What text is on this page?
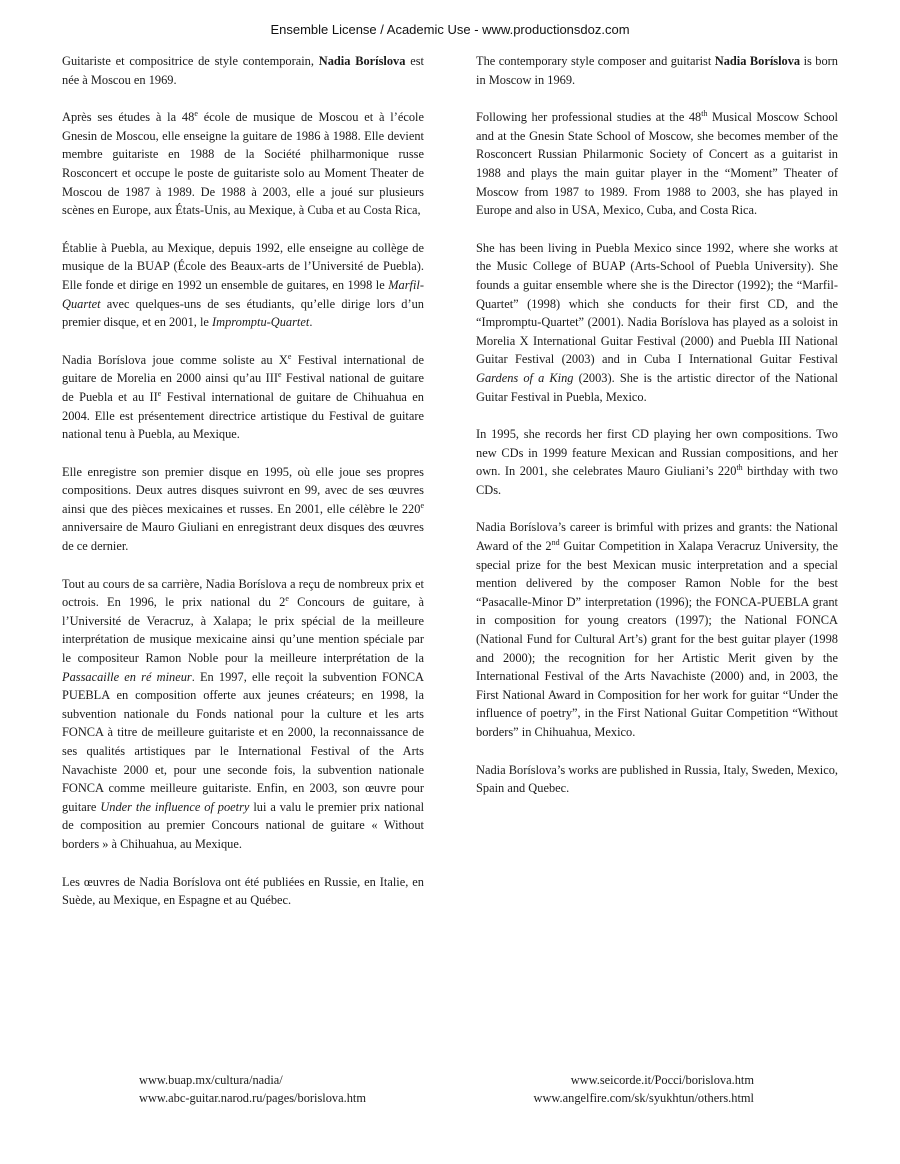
Ensemble License / Academic Use - www.productionsdoz.com

Guitariste et compositrice de style contemporain, Nadia Boríslova est née à Moscou en 1969.

Après ses études à la 48e école de musique de Moscou et à l’école Gnesin de Moscou, elle enseigne la guitare de 1986 à 1988. Elle devient membre guitariste en 1988 de la Société philharmonique russe Rosconcert et occupe le poste de guitariste solo au Moment Theater de Moscou de 1987 à 1989. De 1988 à 2003, elle a joué sur plusieurs scènes en Europe, aux États-Unis, au Mexique, à Cuba et au Costa Rica,

Établie à Puebla, au Mexique, depuis 1992, elle enseigne au collège de musique de la BUAP (École des Beaux-arts de l’Université de Puebla). Elle fonde et dirige en 1992 un ensemble de guitares, en 1998 le Marfil-Quartet avec quelques-uns de ses étudiants, qu’elle dirige lors d’un premier disque, et en 2001, le Impromptu-Quartet.

Nadia Boríslova joue comme soliste au Xe Festival international de guitare de Morelia en 2000 ainsi qu’au IIIe Festival national de guitare de Puebla et au IIe Festival international de guitare de Chihuahua en 2004. Elle est présentement directrice artistique du Festival de guitare national tenu à Puebla, au Mexique.

Elle enregistre son premier disque en 1995, où elle joue ses propres compositions. Deux autres disques suivront en 99, avec de ses œuvres ainsi que des pièces mexicaines et russes. En 2001, elle célèbre le 220e anniversaire de Mauro Giuliani en enregistrant deux disques des œuvres de ce dernier.

Tout au cours de sa carrière, Nadia Boríslova a reçu de nombreux prix et octrois. En 1996, le prix national du 2e Concours de guitare, à l’Université de Veracruz, à Xalapa; le prix spécial de la meilleure interprétation de musique mexicaine ainsi qu’une mention spéciale par le compositeur Ramon Noble pour la meilleure interprétation de la Passacaille en ré mineur. En 1997, elle reçoit la subvention FONCA PUEBLA en composition offerte aux jeunes créateurs; en 1998, la subvention nationale du Fonds national pour la culture et les arts FONCA à titre de meilleure guitariste et en 2000, la reconnaissance de ses qualités artistiques par le International Festival of the Arts Navachiste 2000 et, pour une seconde fois, la subvention nationale FONCA comme meilleure guitariste. Enfin, en 2003, son œuvre pour guitare Under the influence of poetry lui a valu le premier prix national de composition au premier Concours national de guitare « Without borders » à Chihuahua, au Mexique.

Les œuvres de Nadia Boríslova ont été publiées en Russie, en Italie, en Suède, au Mexique, en Espagne et au Québec.

The contemporary style composer and guitarist Nadia Boríslova is born in Moscow in 1969.

Following her professional studies at the 48th Musical Moscow School and at the Gnesin State School of Moscow, she becomes member of the Rosconcert Russian Philarmonic Society of Concert as a guitarist in 1988 and plays the main guitar player in the “Moment” Theater of Moscow from 1987 to 1989. From 1988 to 2003, she has played in Europe and also in USA, Mexico, Cuba, and Costa Rica.

She has been living in Puebla Mexico since 1992, where she works at the Music College of BUAP (Arts-School of Puebla University). She founds a guitar ensemble where she is the Director (1992); the “Marfil-Quartet” (1998) which she conducts for their first CD, and the “Impromptu-Quartet” (2001). Nadia Boríslova has played as a soloist in Morelia X International Guitar Festival (2000) and Puebla III National Guitar Festival (2003) and in Cuba I International Guitar Festival Gardens of a King (2003). She is the artistic director of the National Guitar Festival in Puebla, Mexico.

In 1995, she records her first CD playing her own compositions. Two new CDs in 1999 feature Mexican and Russian compositions, and her own. In 2001, she celebrates Mauro Giuliani’s 220th birthday with two CDs.

Nadia Boríslova’s career is brimful with prizes and grants: the National Award of the 2nd Guitar Competition in Xalapa Veracruz University, the special prize for the best Mexican music interpretation and a special mention delivered by the composer Ramon Noble for the best “Pasacalle-Minor D” interpretation (1996); the FONCA-PUEBLA grant in composition for young creators (1997); the National FONCA (National Fund for Cultural Art’s) grant for the best guitar player (1998 and 2000); the recognition for her Artistic Merit given by the International Festival of the Arts Navachiste (2000) and, in 2003, the First National Award in Composition for her work for guitar “Under the influence of poetry”, in the First National Guitar Competition “Without borders” in Chihuahua, Mexico.

Nadia Boríslova’s works are published in Russia, Italy, Sweden, Mexico, Spain and Quebec.

www.buap.mx/cultura/nadia/
www.abc-guitar.narod.ru/pages/borislova.htm
www.seicorde.it/Pocci/borislova.htm
www.angelfire.com/sk/syukhtun/others.html
